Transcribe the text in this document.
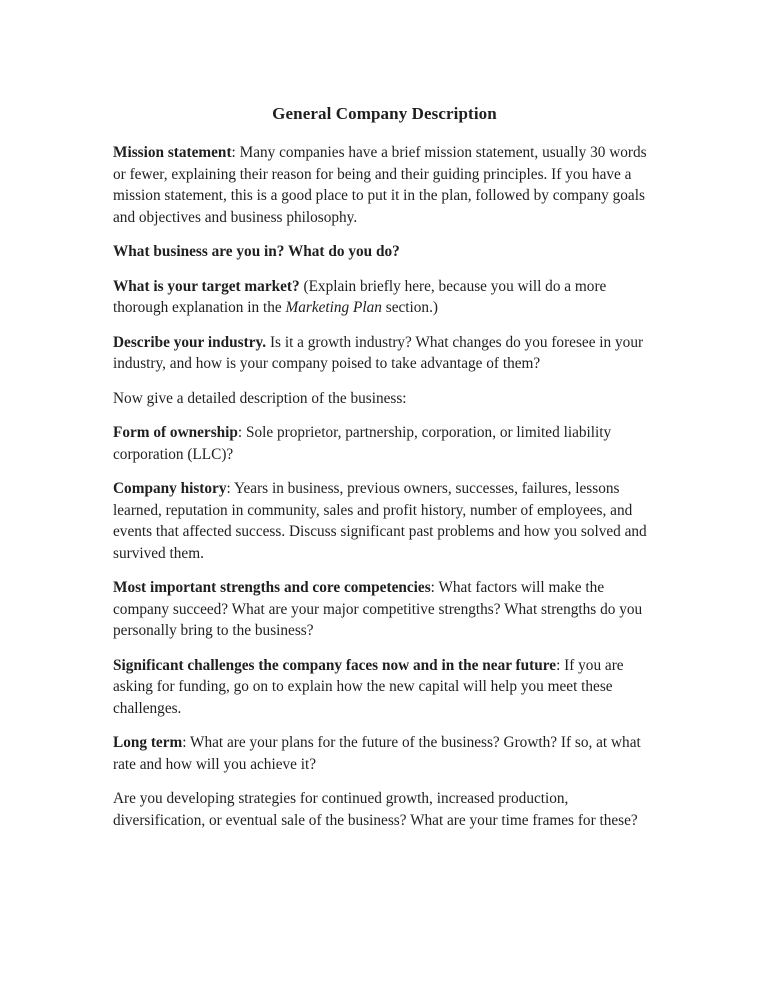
General Company Description

Mission statement: Many companies have a brief mission statement, usually 30 words or fewer, explaining their reason for being and their guiding principles. If you have a mission statement, this is a good place to put it in the plan, followed by company goals and objectives and business philosophy.

What business are you in? What do you do?

What is your target market? (Explain briefly here, because you will do a more thorough explanation in the Marketing Plan section.)

Describe your industry. Is it a growth industry? What changes do you foresee in your industry, and how is your company poised to take advantage of them?

Now give a detailed description of the business:

Form of ownership: Sole proprietor, partnership, corporation, or limited liability corporation (LLC)?

Company history: Years in business, previous owners, successes, failures, lessons learned, reputation in community, sales and profit history, number of employees, and events that affected success. Discuss significant past problems and how you solved and survived them.

Most important strengths and core competencies: What factors will make the company succeed? What are your major competitive strengths? What strengths do you personally bring to the business?

Significant challenges the company faces now and in the near future: If you are asking for funding, go on to explain how the new capital will help you meet these challenges.

Long term: What are your plans for the future of the business? Growth? If so, at what rate and how will you achieve it?

Are you developing strategies for continued growth, increased production, diversification, or eventual sale of the business? What are your time frames for these?
